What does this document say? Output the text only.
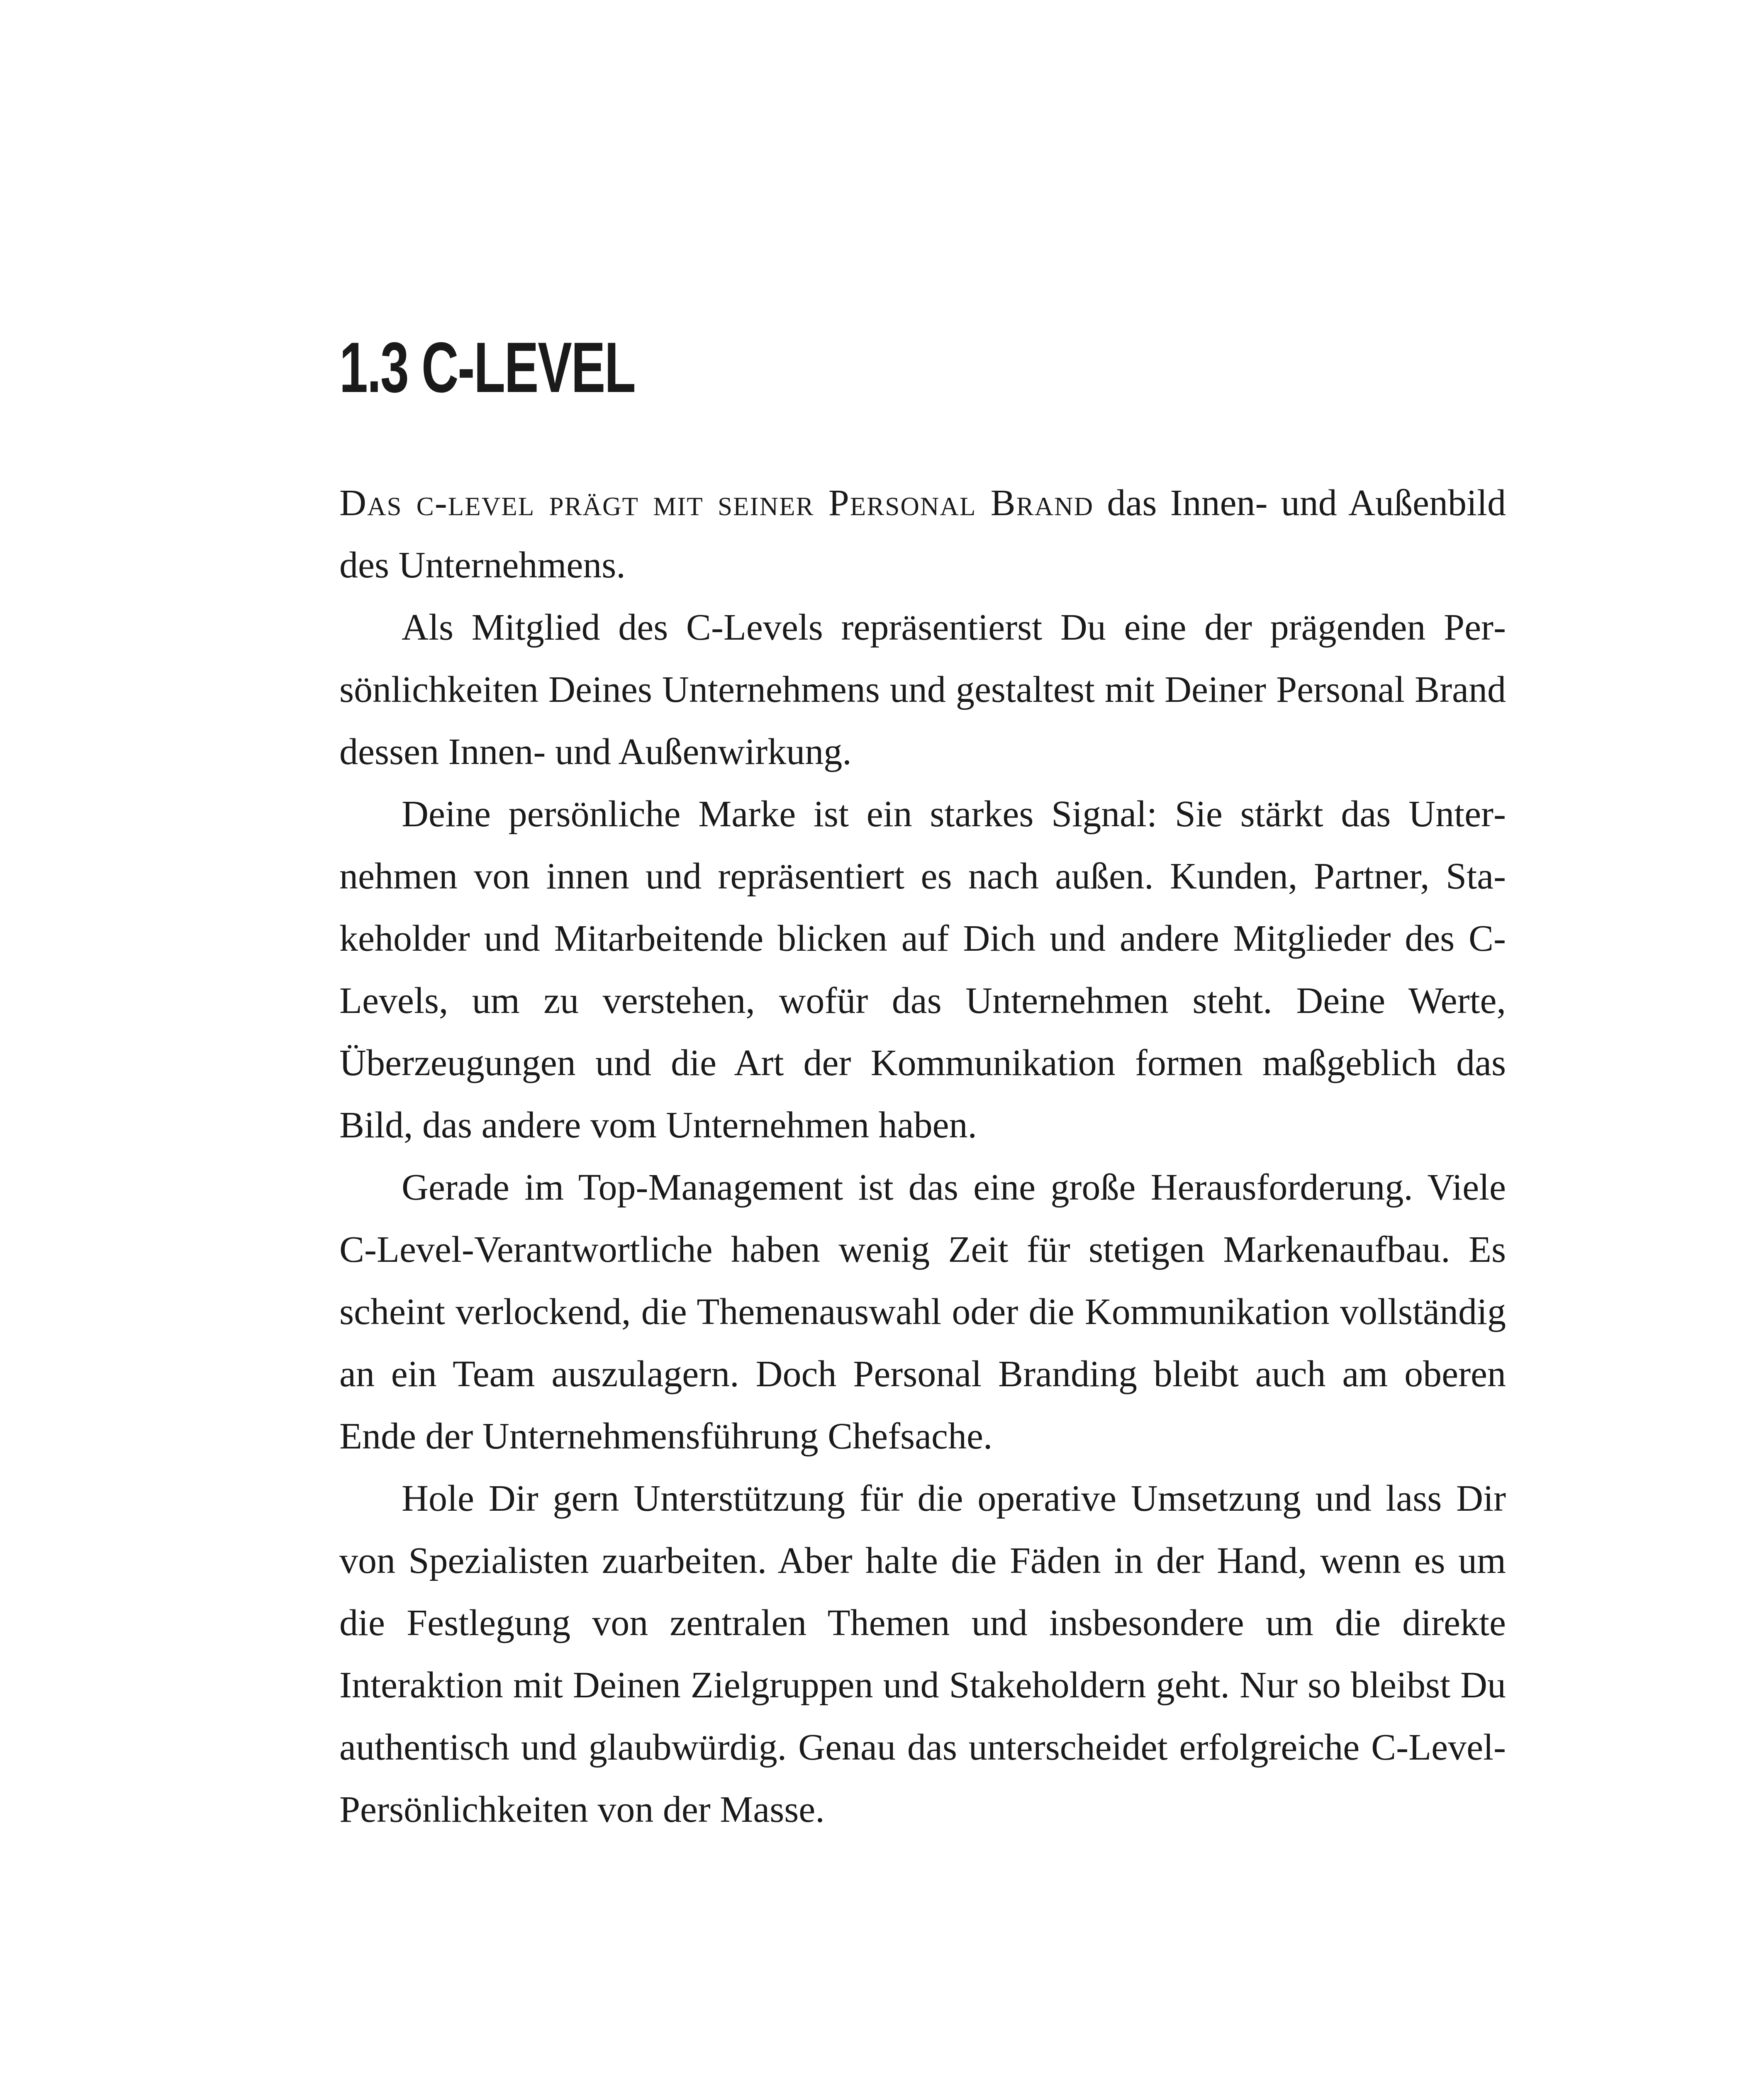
1.3 C-LEVEL

Das c-level prägt mit seiner Personal Brand das Innen- und Außenbild des Unternehmens.

Als Mitglied des C-Levels repräsentierst Du eine der prägenden Persönlichkeiten Deines Unternehmens und gestaltest mit Deiner Personal Brand dessen Innen- und Außenwirkung.

Deine persönliche Marke ist ein starkes Signal: Sie stärkt das Unternehmen von innen und repräsentiert es nach außen. Kunden, Partner, Stakeholder und Mitarbeitende blicken auf Dich und andere Mitglieder des C-Levels, um zu verstehen, wofür das Unternehmen steht. Deine Werte, Überzeugungen und die Art der Kommunikation formen maßgeblich das Bild, das andere vom Unternehmen haben.

Gerade im Top-Management ist das eine große Herausforderung. Viele C-Level-Verantwortliche haben wenig Zeit für stetigen Markenaufbau. Es scheint verlockend, die Themenauswahl oder die Kommunikation vollständig an ein Team auszulagern. Doch Personal Branding bleibt auch am oberen Ende der Unternehmensführung Chefsache.

Hole Dir gern Unterstützung für die operative Umsetzung und lass Dir von Spezialisten zuarbeiten. Aber halte die Fäden in der Hand, wenn es um die Festlegung von zentralen Themen und insbesondere um die direkte Interaktion mit Deinen Zielgruppen und Stakeholdern geht. Nur so bleibst Du authentisch und glaubwürdig. Genau das unterscheidet erfolgreiche C-Level-Persönlichkeiten von der Masse.
